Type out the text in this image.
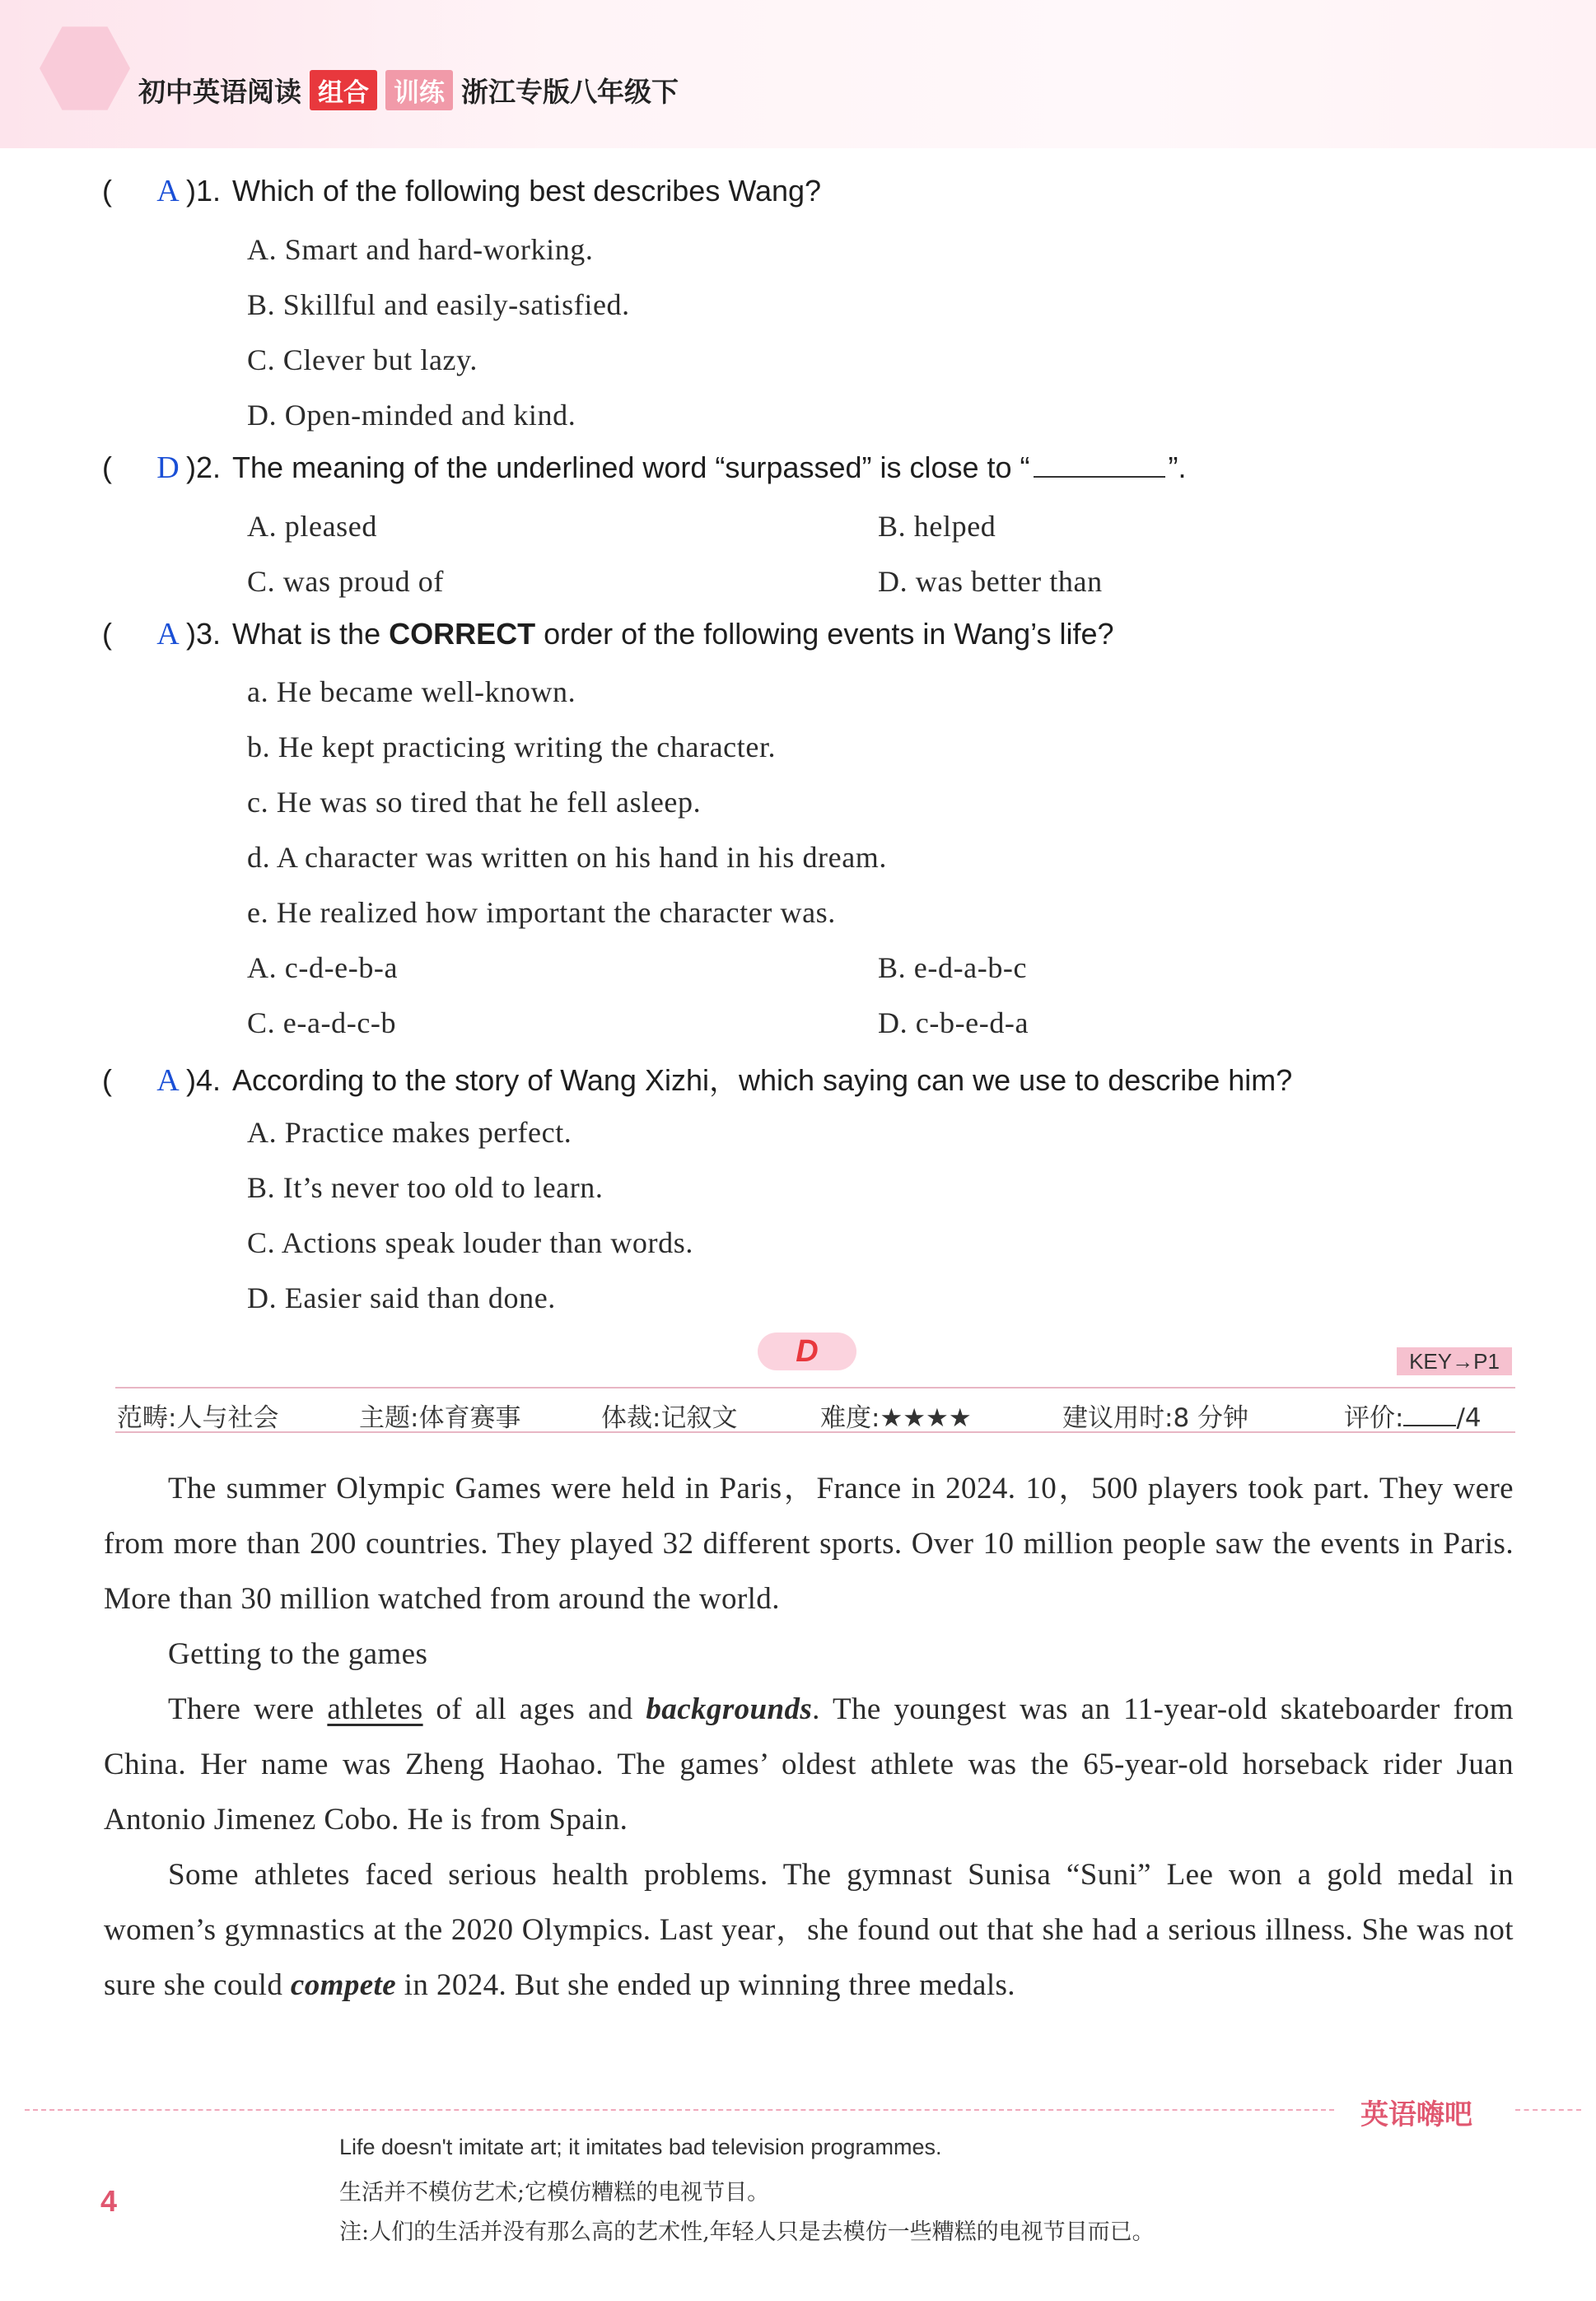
初中英语阅读 组合 训练 浙江专版八年级下
(	A ) 1. Which of the following best describes Wang?
A. Smart and hard-working.
B. Skillful and easily-satisfied.
C. Clever but lazy.
D. Open-minded and kind.
(	D ) 2. The meaning of the underlined word “surpassed” is close to “	”.
A. pleased	B. helped
C. was proud of	D. was better than
(	A ) 3. What is the CORRECT order of the following events in Wang’s life?
a. He became well-known.
b. He kept practicing writing the character.
c. He was so tired that he fell asleep.
d. A character was written on his hand in his dream.
e. He realized how important the character was.
A. c-d-e-b-a	B. e-d-a-b-c
C. e-a-d-c-b	D. c-b-e-d-a
(	A ) 4. According to the story of Wang Xizhi，which saying can we use to describe him?
A. Practice makes perfect.
B. It’s never too old to learn.
C. Actions speak louder than words.
D. Easier said than done.
D	KEY→P1
范畴:人与社会	主题:体育赛事	体裁:记叙文	难度:★★★★	建议用时:8 分钟	评价: /4

The summer Olympic Games were held in Paris，France in 2024. 10，500 players took part. They were from more than 200 countries. They played 32 different sports. Over 10 million people saw the events in Paris. More than 30 million watched from around the world.

Getting to the games

There were athletes of all ages and backgrounds. The youngest was an 11-year-old skateboarder from China. Her name was Zheng Haohao. The games’ oldest athlete was the 65-year-old horseback rider Juan Antonio Jimenez Cobo. He is from Spain.

Some athletes faced serious health problems. The gymnast Sunisa “Suni” Lee won a gold medal in women’s gymnastics at the 2020 Olympics. Last year，she found out that she had a serious illness. She was not sure she could compete in 2024. But she ended up winning three medals.

英语嗨吧
4
Life doesn't imitate art; it imitates bad television programmes.
生活并不模仿艺术;它模仿糟糕的电视节目。
注:人们的生活并没有那么高的艺术性,年轻人只是去模仿一些糟糕的电视节目而已。
